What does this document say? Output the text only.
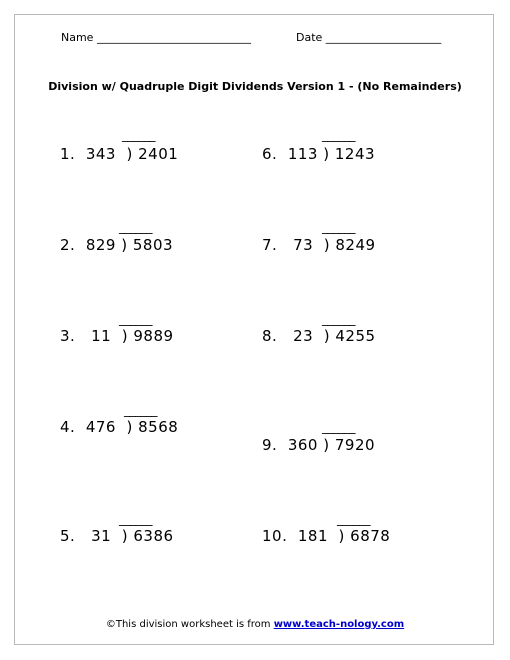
Name ____________________________	Date _____________________
Division w/ Quadruple Digit Dividends Version 1 - (No Remainders)
______
1.  343  ) 2401
______
2.  829 ) 5803
______
3.   11  ) 9889
______
4.  476  ) 8568
______
5.   31  ) 6386
______
6.  113 ) 1243
______
7.   73  ) 8249
______
8.   23  ) 4255
______
9.  360 ) 7920
______
10.  181  ) 6878
©This division worksheet is from www.teach-nology.com
